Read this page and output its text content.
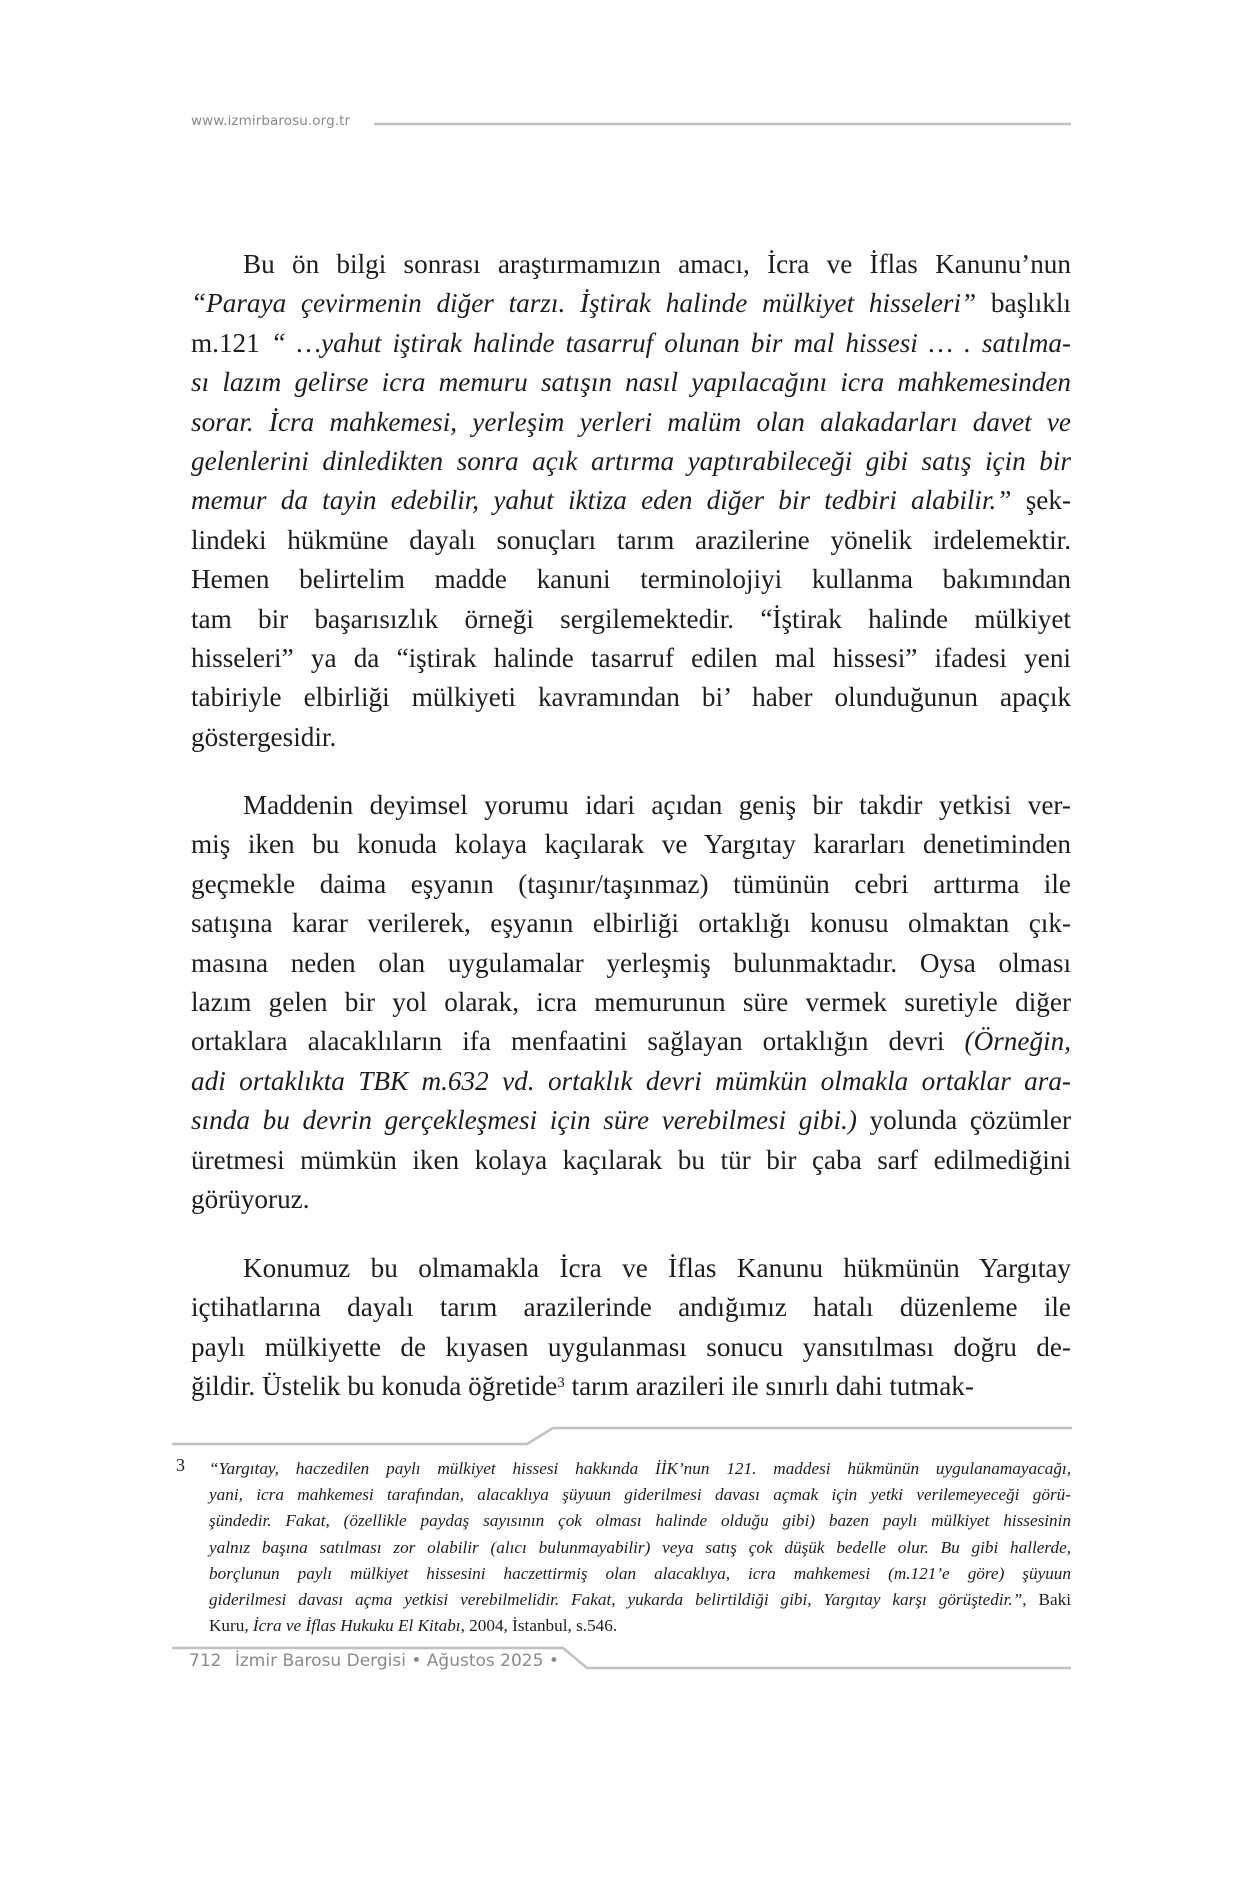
www.izmirbarosu.org.tr
Bu ön bilgi sonrası araştırmamızın amacı, İcra ve İflas Kanunu’nun
“Paraya çevirmenin diğer tarzı. İştirak halinde mülkiyet hisseleri” başlıklı
m.121 “ …yahut iştirak halinde tasarruf olunan bir mal hissesi … . satılma-
sı lazım gelirse icra memuru satışın nasıl yapılacağını icra mahkemesinden
sorar. İcra mahkemesi, yerleşim yerleri malüm olan alakadarları davet ve
gelenlerini dinledikten sonra açık artırma yaptırabileceği gibi satış için bir
memur da tayin edebilir, yahut iktiza eden diğer bir tedbiri alabilir.” şek-
lindeki hükmüne dayalı sonuçları tarım arazilerine yönelik irdelemektir.
Hemen belirtelim madde kanuni terminolojiyi kullanma bakımından
tam bir başarısızlık örneği sergilemektedir. “İştirak halinde mülkiyet
hisseleri” ya da “iştirak halinde tasarruf edilen mal hissesi” ifadesi yeni
tabiriyle elbirliği mülkiyeti kavramından bi’ haber olunduğunun apaçık
göstergesidir.
Maddenin deyimsel yorumu idari açıdan geniş bir takdir yetkisi ver-
miş iken bu konuda kolaya kaçılarak ve Yargıtay kararları denetiminden
geçmekle daima eşyanın (taşınır/taşınmaz) tümünün cebri arttırma ile
satışına karar verilerek, eşyanın elbirliği ortaklığı konusu olmaktan çık-
masına neden olan uygulamalar yerleşmiş bulunmaktadır. Oysa olması
lazım gelen bir yol olarak, icra memurunun süre vermek suretiyle diğer
ortaklara alacaklıların ifa menfaatini sağlayan ortaklığın devri (Örneğin,
adi ortaklıkta TBK m.632 vd. ortaklık devri mümkün olmakla ortaklar ara-
sında bu devrin gerçekleşmesi için süre verebilmesi gibi.) yolunda çözümler
üretmesi mümkün iken kolaya kaçılarak bu tür bir çaba sarf edilmediğini
görüyoruz.
Konumuz bu olmamakla İcra ve İflas Kanunu hükmünün Yargıtay
içtihatlarına dayalı tarım arazilerinde andığımız hatalı düzenleme ile
paylı mülkiyette de kıyasen uygulanması sonucu yansıtılması doğru de-
ğildir. Üstelik bu konuda öğretide$^3$ tarım arazileri ile sınırlı dahi tutmak-
3	“Yargıtay, haczedilen paylı mülkiyet hissesi hakkında İİK’nun 121. maddesi hükmünün uygulanamayacağı,
yani, icra mahkemesi tarafından, alacaklıya şüyuun giderilmesi davası açmak için yetki verilemeyeceği görü-
şündedir. Fakat, (özellikle paydaş sayısının çok olması halinde olduğu gibi) bazen paylı mülkiyet hissesinin
yalnız başına satılması zor olabilir (alıcı bulunmayabilir) veya satış çok düşük bedelle olur. Bu gibi hallerde,
borçlunun paylı mülkiyet hissesini haczettirmiş olan alacaklıya, icra mahkemesi (m.121’e göre) şüyuun
giderilmesi davası açma yetkisi verebilmelidir. Fakat, yukarda belirtildiği gibi, Yargıtay karşı görüştedir.”, Baki
Kuru, İcra ve İflas Hukuku El Kitabı, 2004, İstanbul, s.546.
712 İzmir Barosu Dergisi • Ağustos 2025 •
